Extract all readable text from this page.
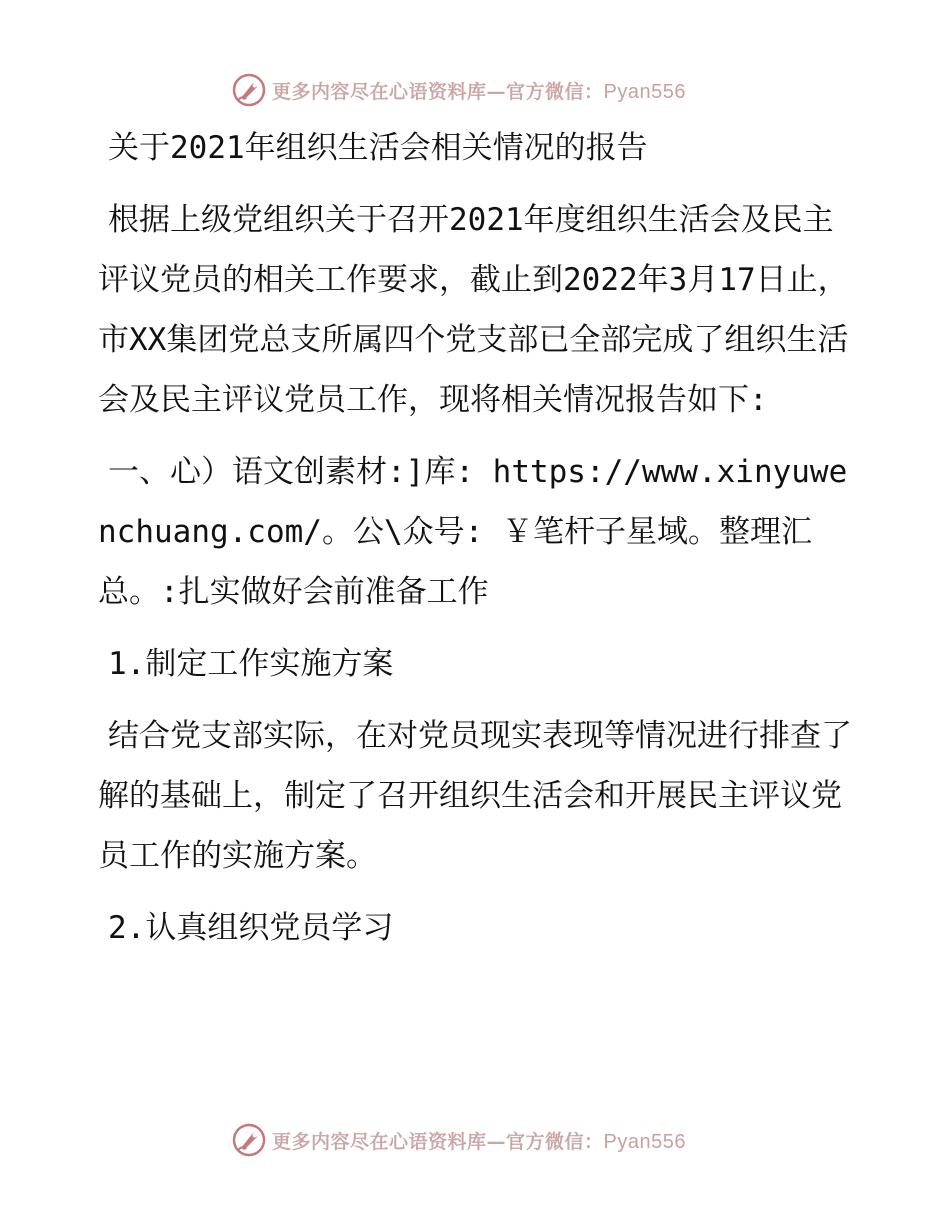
更多内容尽在心语资料库—官方微信：Pyan556

关于2021年组织生活会相关情况的报告

根据上级党组织关于召开2021年度组织生活会及民主评议党员的相关工作要求，截止到2022年3月17日止，市XX集团党总支所属四个党支部已全部完成了组织生活会及民主评议党员工作，现将相关情况报告如下:

一、心）语文创素材:]库: https://www.xinyuwenchuang.com/。公\众号: ￥笔杆子星域。整理汇总。:扎实做好会前准备工作

1.制定工作实施方案

结合党支部实际，在对党员现实表现等情况进行排查了解的基础上，制定了召开组织生活会和开展民主评议党员工作的实施方案。

2.认真组织党员学习

更多内容尽在心语资料库—官方微信：Pyan556
